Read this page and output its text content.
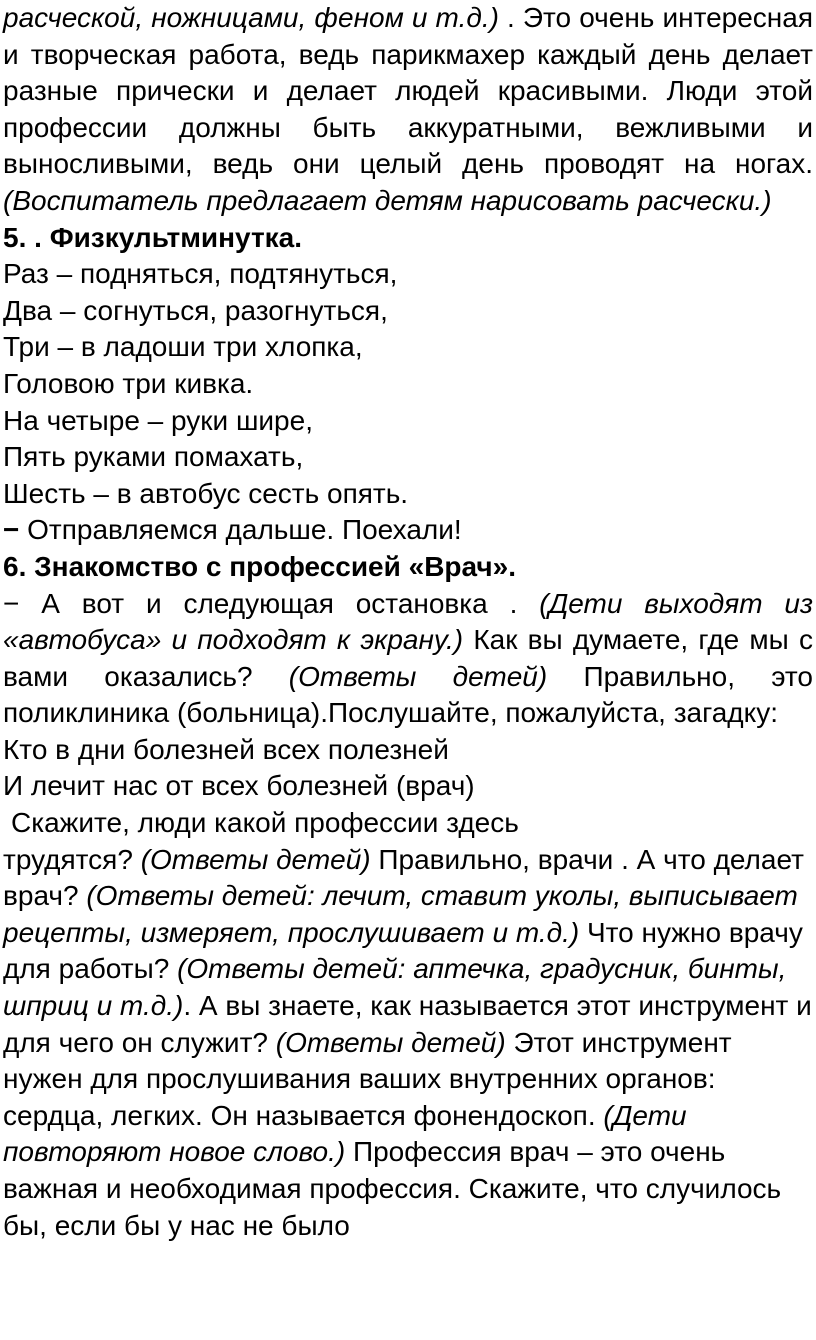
расческой, ножницами, феном и т.д.) . Это очень интересная и творческая работа, ведь парикмахер каждый день делает разные прически и делает людей красивыми. Люди этой профессии должны быть аккуратными, вежливыми и выносливыми, ведь они целый день проводят на ногах. (Воспитатель предлагает детям нарисовать расчески.)

5. . Физкультминутка.

Раз – подняться, подтянуться,

Два – согнуться, разогнуться,

Три – в ладоши три хлопка,

Головою три кивка.

На четыре – руки шире,

Пять руками помахать,

Шесть – в автобус сесть опять.

− Отправляемся дальше. Поехали!

6. Знакомство с профессией «Врач».

− А вот и следующая остановка . (Дети выходят из «автобуса» и подходят к экрану.) Как вы думаете, где мы с вами оказались? (Ответы детей) Правильно, это поликлиника (больница).Послушайте, пожалуйста, загадку:

Кто в дни болезней всех полезней

И лечит нас от всех болезней (врач)

Скажите, люди какой профессии здесь

трудятся? (Ответы детей) Правильно, врачи . А что делает врач? (Ответы детей: лечит, ставит уколы, выписывает рецепты, измеряет, прослушивает и т.д.) Что нужно врачу для работы? (Ответы детей: аптечка, градусник, бинты, шприц и т.д.). А вы знаете, как называется этот инструмент и для чего он служит? (Ответы детей) Этот инструмент нужен для прослушивания ваших внутренних органов: сердца, легких. Он называется фонендоскоп. (Дети повторяют новое слово.) Профессия врач – это очень важная и необходимая профессия. Скажите, что случилось бы, если бы у нас не было
